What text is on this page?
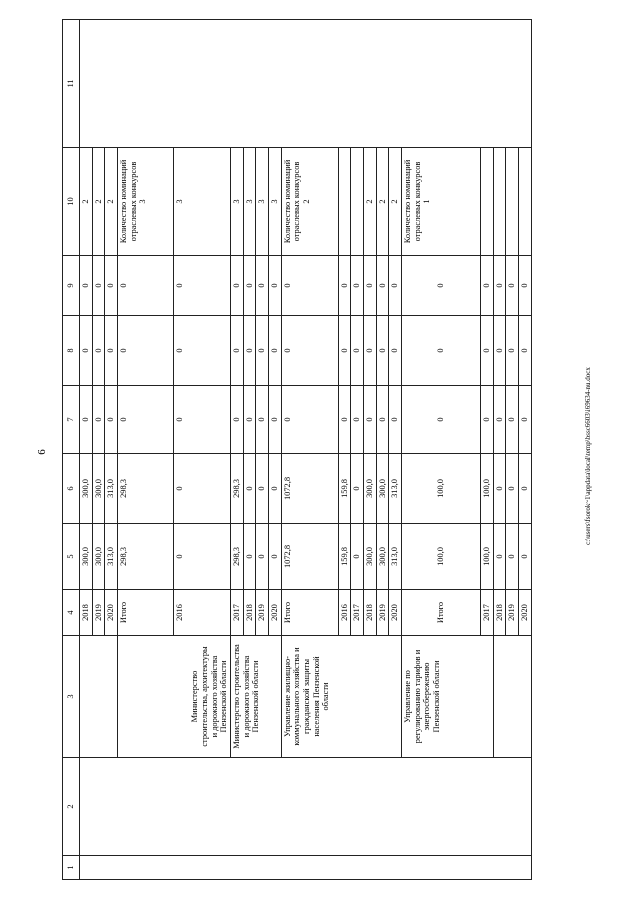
6
1	2	3	4	5	6	7	8	9	10	11
			2018	300,0	300,0	0	0	0	2	
			2019	300,0	300,0	0	0	0	2	
			2020	313,0	313,0	0	0	0	2	

		Министерство строительства, архитектуры и дорожного хозяйства Пензенской области	Итого	298,3	298,3	0	0	0	Количество номинаций отраслевых конкурсов 3	
			2016	0	0	0	0	0	3	

		Министерство строительства и дорожного хозяйства Пензенской области	2017	298,3	298,3	0	0	0	3	
			2018	0	0	0	0	0	3	
			2019	0	0	0	0	0	3	
			2020	0	0	0	0	0	3	

		Управление жилищно-коммунального хозяйства и гражданской защиты населения Пензенской области	Итого	1072,8	1072,8	0	0	0	Количество номинаций отраслевых конкурсов 2	
			2016	159,8	159,8	0	0	0		
			2017	0	0	0	0	0		
			2018	300,0	300,0	0	0	0	2	
			2019	300,0	300,0	0	0	0	2	
			2020	313,0	313,0	0	0	0	2	

		Управление по регулированию тарифов и энергосбережению Пензенской области	Итого	100,0	100,0	0	0	0	Количество номинаций отраслевых конкурсов 1	
			2017	100,0	100,0	0	0	0		
			2018	0	0	0	0	0		
			2019	0	0	0	0	0		
			2020	0	0	0	0	0		
c:\users\fsorok~1\appdata\local\temp\bssc6603\i69634-nu.docx
